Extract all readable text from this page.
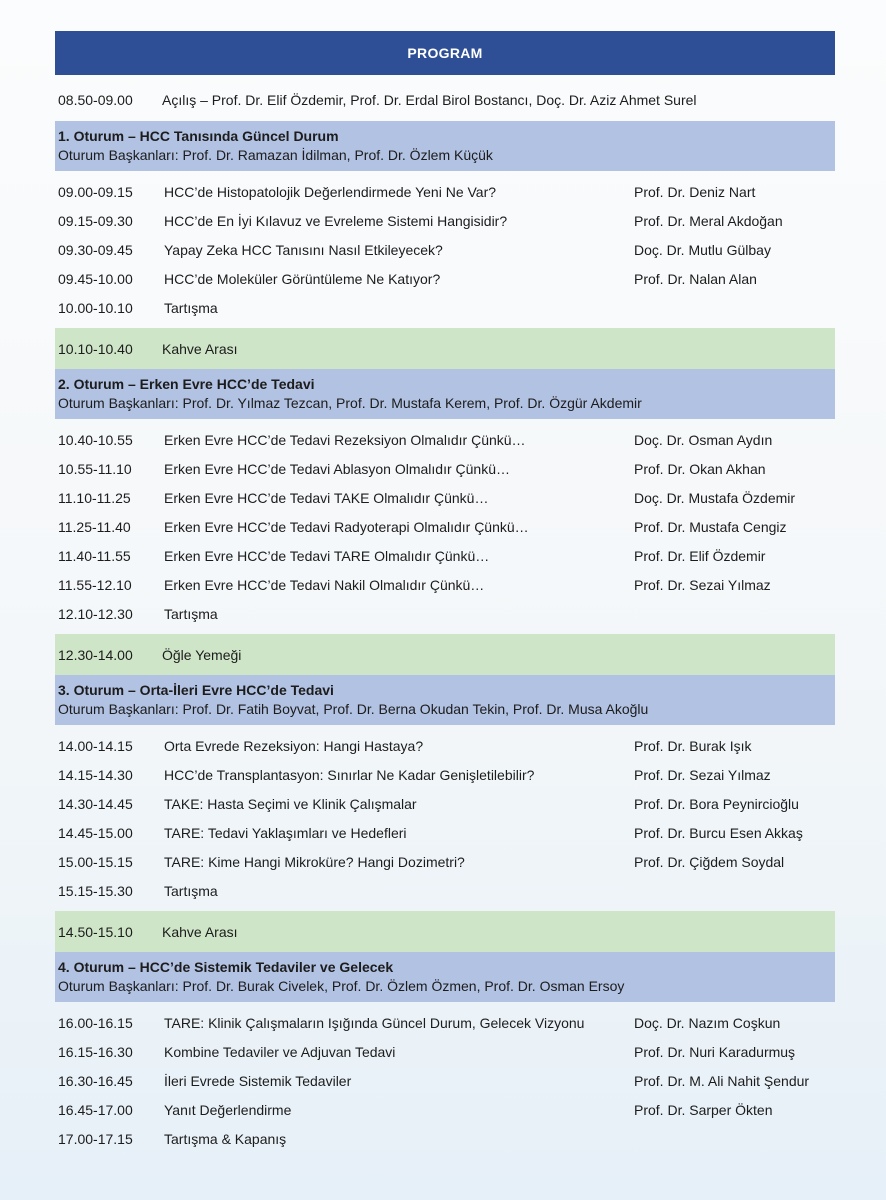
PROGRAM
08.50-09.00	Açılış – Prof. Dr. Elif Özdemir, Prof. Dr. Erdal Birol Bostancı, Doç. Dr. Aziz Ahmet Surel
1. Oturum – HCC Tanısında Güncel Durum
Oturum Başkanları: Prof. Dr. Ramazan İdilman, Prof. Dr. Özlem Küçük
09.00-09.15	HCC’de Histopatolojik Değerlendirmede Yeni Ne Var?	Prof. Dr. Deniz Nart
09.15-09.30	HCC’de En İyi Kılavuz ve Evreleme Sistemi Hangisidir?	Prof. Dr. Meral Akdoğan
09.30-09.45	Yapay Zeka HCC Tanısını Nasıl Etkileyecek?	Doç. Dr. Mutlu Gülbay
09.45-10.00	HCC’de Moleküler Görüntüleme Ne Katıyor?	Prof. Dr. Nalan Alan
10.00-10.10	Tartışma
10.10-10.40	Kahve Arası
2. Oturum – Erken Evre HCC’de Tedavi
Oturum Başkanları: Prof. Dr. Yılmaz Tezcan, Prof. Dr. Mustafa Kerem, Prof. Dr. Özgür Akdemir
10.40-10.55	Erken Evre HCC’de Tedavi Rezeksiyon Olmalıdır Çünkü…	Doç. Dr. Osman Aydın
10.55-11.10	Erken Evre HCC’de Tedavi Ablasyon Olmalıdır Çünkü…	Prof. Dr. Okan Akhan
11.10-11.25	Erken Evre HCC’de Tedavi TAKE Olmalıdır Çünkü…	Doç. Dr. Mustafa Özdemir
11.25-11.40	Erken Evre HCC’de Tedavi Radyoterapi Olmalıdır Çünkü…	Prof. Dr. Mustafa Cengiz
11.40-11.55	Erken Evre HCC’de Tedavi TARE Olmalıdır Çünkü…	Prof. Dr. Elif Özdemir
11.55-12.10	Erken Evre HCC’de Tedavi Nakil Olmalıdır Çünkü…	Prof. Dr. Sezai Yılmaz
12.10-12.30	Tartışma
12.30-14.00	Öğle Yemeği
3. Oturum – Orta-İleri Evre HCC’de Tedavi
Oturum Başkanları: Prof. Dr. Fatih Boyvat, Prof. Dr. Berna Okudan Tekin, Prof. Dr. Musa Akoğlu
14.00-14.15	Orta Evrede Rezeksiyon: Hangi Hastaya?	Prof. Dr. Burak Işık
14.15-14.30	HCC’de Transplantasyon: Sınırlar Ne Kadar Genişletilebilir?	Prof. Dr. Sezai Yılmaz
14.30-14.45	TAKE: Hasta Seçimi ve Klinik Çalışmalar	Prof. Dr. Bora Peynircioğlu
14.45-15.00	TARE: Tedavi Yaklaşımları ve Hedefleri	Prof. Dr. Burcu Esen Akkaş
15.00-15.15	TARE: Kime Hangi Mikroküre? Hangi Dozimetri?	Prof. Dr. Çiğdem Soydal
15.15-15.30	Tartışma
14.50-15.10	Kahve Arası
4. Oturum – HCC’de Sistemik Tedaviler ve Gelecek
Oturum Başkanları: Prof. Dr. Burak Civelek, Prof. Dr. Özlem Özmen, Prof. Dr. Osman Ersoy
16.00-16.15	TARE: Klinik Çalışmaların Işığında Güncel Durum, Gelecek Vizyonu	Doç. Dr. Nazım Coşkun
16.15-16.30	Kombine Tedaviler ve Adjuvan Tedavi	Prof. Dr. Nuri Karadurmuş
16.30-16.45	İleri Evrede Sistemik Tedaviler	Prof. Dr. M. Ali Nahit Şendur
16.45-17.00	Yanıt Değerlendirme	Prof. Dr. Sarper Ökten
17.00-17.15	Tartışma & Kapanış
